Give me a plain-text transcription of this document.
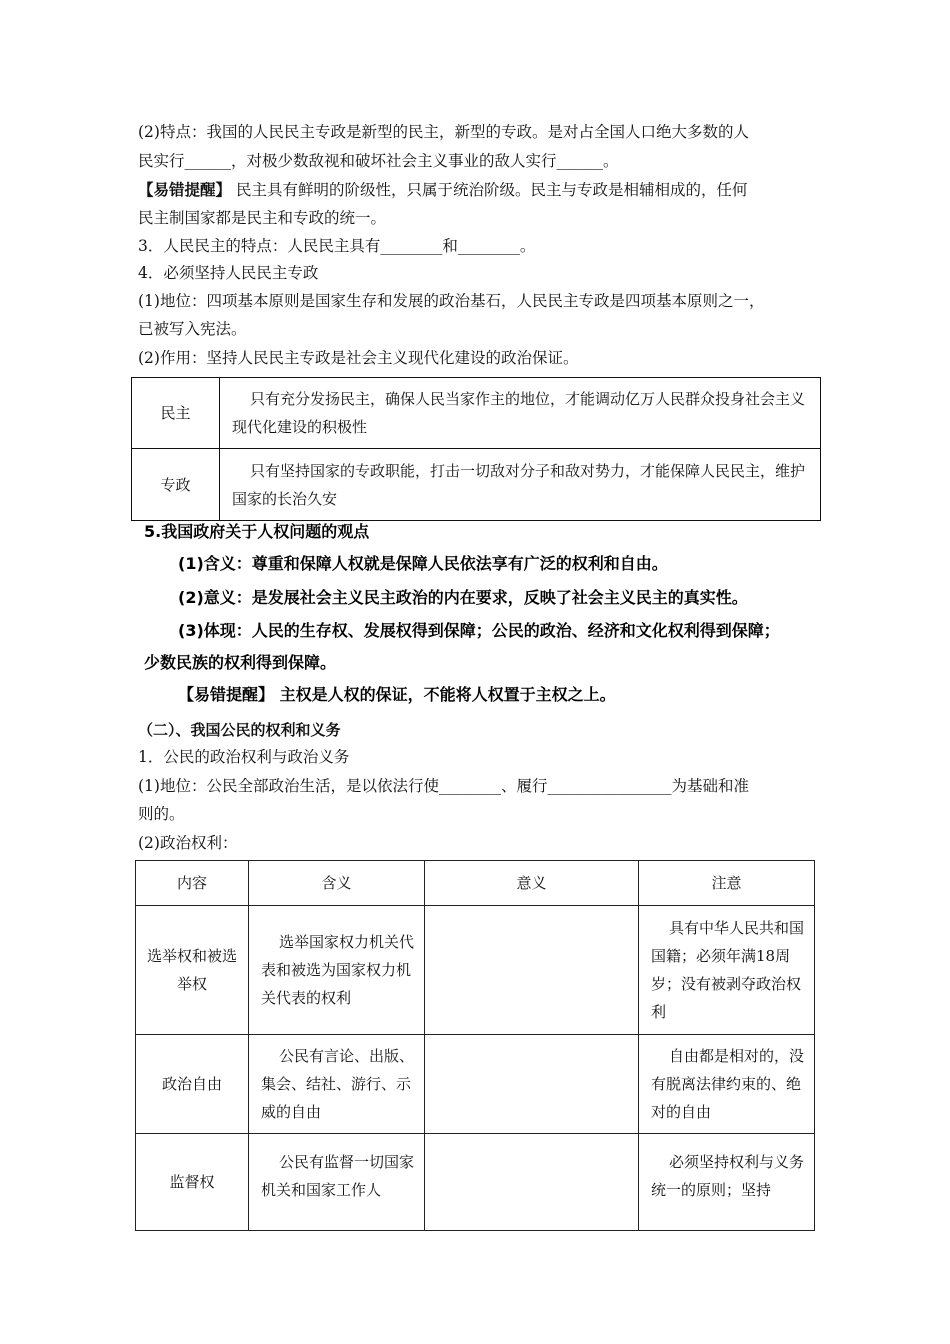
(2)特点：我国的人民民主专政是新型的民主，新型的专政。是对占全国人口绝大多数的人
民实行______，对极少数敌视和破坏社会主义事业的敌人实行______。
【易错提醒】 民主具有鲜明的阶级性，只属于统治阶级。民主与专政是相辅相成的，任何
民主制国家都是民主和专政的统一。
3．人民民主的特点：人民民主具有________和________。
4．必须坚持人民民主专政
(1)地位：四项基本原则是国家生存和发展的政治基石，人民民主专政是四项基本原则之一，
已被写入宪法。
(2)作用：坚持人民民主专政是社会主义现代化建设的政治保证。
民主	只有充分发扬民主，确保人民当家作主的地位，才能调动亿万人民群众投身社会主义现代化建设的积极性
专政	只有坚持国家的专政职能，打击一切敌对分子和敌对势力，才能保障人民民主，维护国家的长治久安
5.我国政府关于人权问题的观点
(1)含义：尊重和保障人权就是保障人民依法享有广泛的权利和自由。
(2)意义：是发展社会主义民主政治的内在要求，反映了社会主义民主的真实性。
(3)体现：人民的生存权、发展权得到保障；公民的政治、经济和文化权利得到保障；
少数民族的权利得到保障。
【易错提醒】 主权是人权的保证，不能将人权置于主权之上。
（二）、我国公民的权利和义务
1．公民的政治权利与政治义务
(1)地位：公民全部政治生活，是以依法行使________、履行________________为基础和准
则的。
(2)政治权利：
内容	含义	意义	注意
选举权和被选举权	选举国家权力机关代表和被选为国家权力机关代表的权利		具有中华人民共和国国籍；必须年满18周岁；没有被剥夺政治权利
政治自由	公民有言论、出版、集会、结社、游行、示威的自由		自由都是相对的，没有脱离法律约束的、绝对的自由
监督权	公民有监督一切国家机关和国家工作人		必须坚持权利与义务统一的原则；坚持
